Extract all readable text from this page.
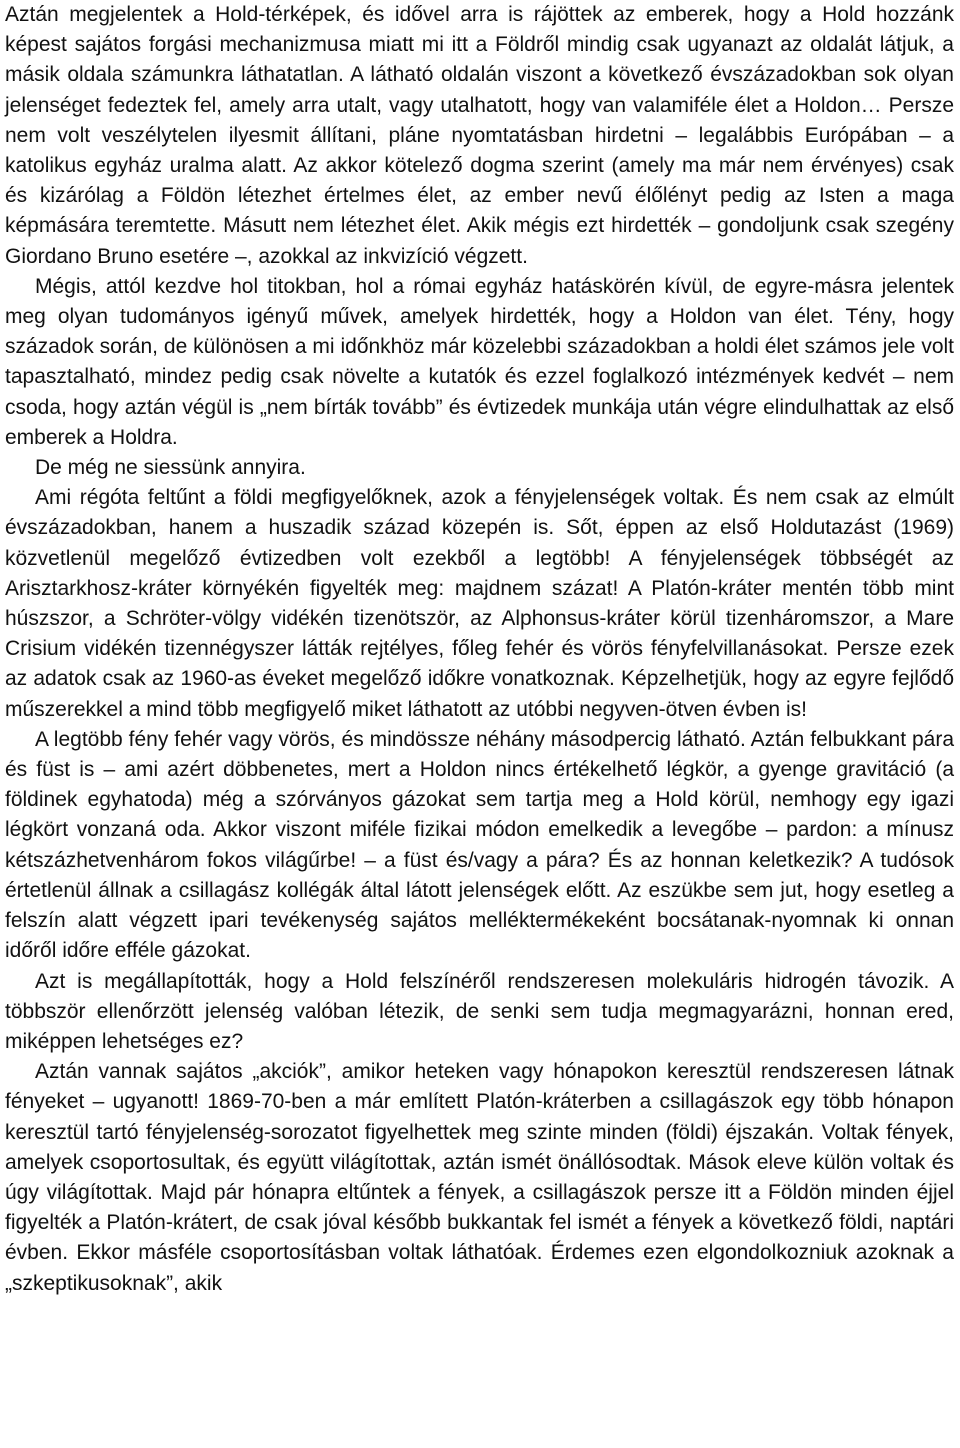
Aztán megjelentek a Hold-térképek, és idővel arra is rájöttek az emberek, hogy a Hold hozzánk képest sajátos forgási mechanizmusa miatt mi itt a Földről mindig csak ugyanazt az oldalát látjuk, a másik oldala számunkra láthatatlan. A látható oldalán viszont a következő évszázadokban sok olyan jelenséget fedeztek fel, amely arra utalt, vagy utalhatott, hogy van valamiféle élet a Holdon… Persze nem volt veszélytelen ilyesmit állítani, pláne nyomtatásban hirdetni – legalábbis Európában – a katolikus egyház uralma alatt. Az akkor kötelező dogma szerint (amely ma már nem érvényes) csak és kizárólag a Földön létezhet értelmes élet, az ember nevű élőlényt pedig az Isten a maga képmására teremtette. Másutt nem létezhet élet. Akik mégis ezt hirdették – gondoljunk csak szegény Giordano Bruno esetére –, azokkal az inkvizíció végzett.

Mégis, attól kezdve hol titokban, hol a római egyház hatáskörén kívül, de egyre-másra jelentek meg olyan tudományos igényű művek, amelyek hirdették, hogy a Holdon van élet. Tény, hogy századok során, de különösen a mi időnkhöz már közelebbi századokban a holdi élet számos jele volt tapasztalható, mindez pedig csak növelte a kutatók és ezzel foglalkozó intézmények kedvét – nem csoda, hogy aztán végül is „nem bírták tovább” és évtizedek munkája után végre elindulhattak az első emberek a Holdra.

De még ne siessünk annyira.

Ami régóta feltűnt a földi megfigyelőknek, azok a fényjelenségek voltak. És nem csak az elmúlt évszázadokban, hanem a huszadik század közepén is. Sőt, éppen az első Holdutazást (1969) közvetlenül megelőző évtizedben volt ezekből a legtöbb! A fényjelenségek többségét az Arisztarkhosz-kráter környékén figyelték meg: majdnem százat! A Platón-kráter mentén több mint húszszor, a Schröter-völgy vidékén tizenötször, az Alphonsus-kráter körül tizenháromszor, a Mare Crisium vidékén tizennégyszer látták rejtélyes, főleg fehér és vörös fényfelvillanásokat. Persze ezek az adatok csak az 1960-as éveket megelőző időkre vonatkoznak. Képzelhetjük, hogy az egyre fejlődő műszerekkel a mind több megfigyelő miket láthatott az utóbbi negyven-ötven évben is!

A legtöbb fény fehér vagy vörös, és mindössze néhány másodpercig látható. Aztán felbukkant pára és füst is – ami azért döbbenetes, mert a Holdon nincs értékelhető légkör, a gyenge gravitáció (a földinek egyhatoda) még a szórványos gázokat sem tartja meg a Hold körül, nemhogy egy igazi légkört vonzaná oda. Akkor viszont miféle fizikai módon emelkedik a levegőbe – pardon: a mínusz kétszázhetvenhárom fokos világűrbe! – a füst és/vagy a pára? És az honnan keletkezik? A tudósok értetlenül állnak a csillagász kollégák által látott jelenségek előtt. Az eszükbe sem jut, hogy esetleg a felszín alatt végzett ipari tevékenység sajátos melléktermékeként bocsátanak-nyomnak ki onnan időről időre efféle gázokat.

Azt is megállapították, hogy a Hold felszínéről rendszeresen molekuláris hidrogén távozik. A többször ellenőrzött jelenség valóban létezik, de senki sem tudja megmagyarázni, honnan ered, miképpen lehetséges ez?

Aztán vannak sajátos „akciók”, amikor heteken vagy hónapokon keresztül rendszeresen látnak fényeket – ugyanott! 1869-70-ben a már említett Platón-kráterben a csillagászok egy több hónapon keresztül tartó fényjelenség-sorozatot figyelhettek meg szinte minden (földi) éjszakán. Voltak fények, amelyek csoportosultak, és együtt világítottak, aztán ismét önállósodtak. Mások eleve külön voltak és úgy világítottak. Majd pár hónapra eltűntek a fények, a csillagászok persze itt a Földön minden éjjel figyelték a Platón-krátert, de csak jóval később bukkantak fel ismét a fények a következő földi, naptári évben. Ekkor másféle csoportosításban voltak láthatóak. Érdemes ezen elgondolkozniuk azoknak a „szkeptikusoknak”, akik
